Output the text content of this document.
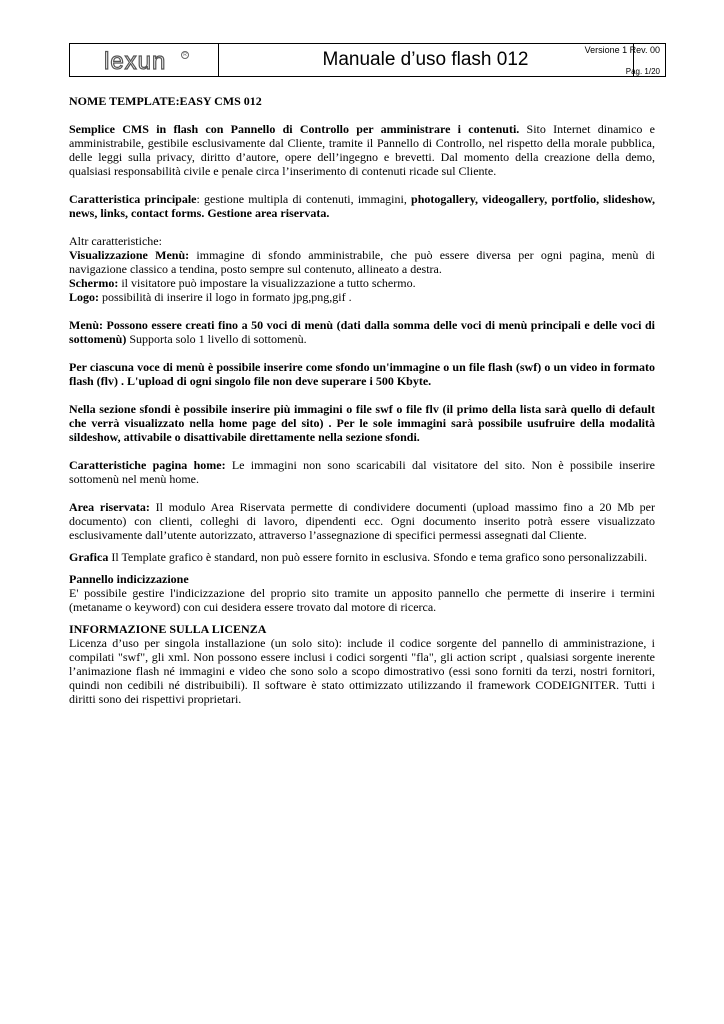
lexun	R	Manuale d’uso flash 012	Versione 1 Rev. 00
Pag. 1/20

NOME TEMPLATE:EASY CMS 012

Semplice CMS in flash con Pannello di Controllo per amministrare i contenuti. Sito Internet dinamico e amministrabile, gestibile esclusivamente dal Cliente, tramite il Pannello di Controllo, nel rispetto della morale pubblica, delle leggi sulla privacy, diritto d’autore, opere dell’ingegno e brevetti. Dal momento della creazione della demo, qualsiasi responsabilità civile e penale circa l’inserimento di contenuti ricade sul Cliente.

Caratteristica principale: gestione multipla di contenuti, immagini, photogallery, videogallery, portfolio, slideshow, news, links, contact forms. Gestione area riservata.

Altr caratteristiche:

Visualizzazione Menù: immagine di sfondo amministrabile, che può essere diversa per ogni pagina, menù di navigazione classico a tendina, posto sempre sul contenuto, allineato a destra.

Schermo: il visitatore può impostare la visualizzazione a tutto schermo.

Logo: possibilità di inserire il logo in formato jpg,png,gif .

Menù: Possono essere creati fino a 50 voci di menù (dati dalla somma delle voci di menù principali e delle voci di sottomenù) Supporta solo 1 livello di sottomenù.

Per ciascuna voce di menù è possibile inserire come sfondo un'immagine o un file flash (swf) o un video in formato flash (flv) . L'upload di ogni singolo file non deve superare i 500 Kbyte.

Nella sezione sfondi è possibile inserire più immagini o file swf o file flv (il primo della lista sarà quello di default che verrà visualizzato nella home page del sito) . Per le sole immagini sarà possibile usufruire della modalità sildeshow, attivabile o disattivabile direttamente nella sezione sfondi.

Caratteristiche pagina home: Le immagini non sono scaricabili dal visitatore del sito. Non è possibile inserire sottomenù nel menù home.

Area riservata: Il modulo Area Riservata permette di condividere documenti (upload massimo fino a 20 Mb per documento) con clienti, colleghi di lavoro, dipendenti ecc. Ogni documento inserito potrà essere visualizzato esclusivamente dall’utente autorizzato, attraverso l’assegnazione di specifici permessi assegnati dal Cliente.

Grafica Il Template grafico è standard, non può essere fornito in esclusiva. Sfondo e tema grafico sono personalizzabili.

Pannello indicizzazione

E' possibile gestire l'indicizzazione del proprio sito tramite un apposito pannello che permette di inserire i termini (metaname o keyword) con cui desidera essere trovato dal motore di ricerca.

INFORMAZIONE SULLA LICENZA

Licenza d’uso per singola installazione (un solo sito): include il codice sorgente del pannello di amministrazione, i compilati "swf", gli xml. Non possono essere inclusi i codici sorgenti "fla", gli action script , qualsiasi sorgente inerente l’animazione flash né immagini e video che sono solo a scopo dimostrativo (essi sono forniti da terzi, nostri fornitori, quindi non cedibili né distribuibili). Il software è stato ottimizzato utilizzando il framework CODEIGNITER. Tutti i diritti sono dei rispettivi proprietari.
